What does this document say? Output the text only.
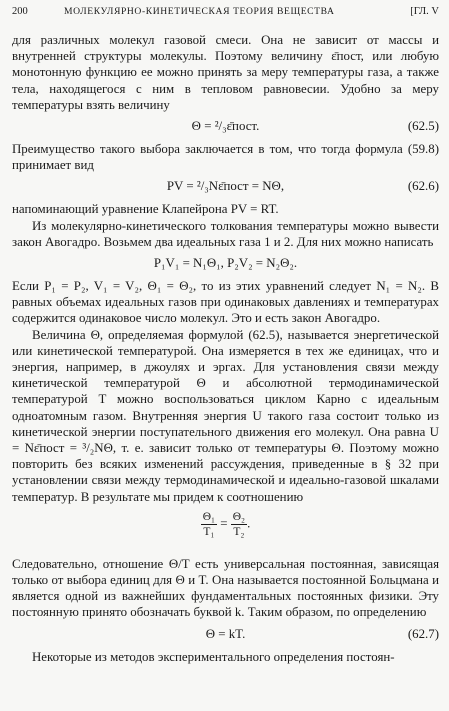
200	МОЛЕКУЛЯРНО-КИНЕТИЧЕСКАЯ ТЕОРИЯ ВЕЩЕСТВА	[ГЛ. V

для различных молекул газовой смеси. Она не зависит от массы и внутренней структуры молекулы. Поэтому величину ε̄пост, или любую монотонную функцию ее можно принять за меру температуры газа, а также тела, находящегося с ним в тепловом равновесии. Удобно за меру температуры взять величину

Θ = ²/₃ε̄пост.	(62.5)

Преимущество такого выбора заключается в том, что тогда формула (59.8) принимает вид

PV = ²/₃Nε̄пост = NΘ,	(62.6)

напоминающий уравнение Клапейрона PV = RT.

Из молекулярно-кинетического толкования температуры можно вывести закон Авогадро. Возьмем два идеальных газа 1 и 2. Для них можно написать

P₁V₁ = N₁Θ₁, P₂V₂ = N₂Θ₂.

Если P₁ = P₂, V₁ = V₂, Θ₁ = Θ₂, то из этих уравнений следует N₁ = N₂. В равных объемах идеальных газов при одинаковых давлениях и температурах содержится одинаковое число молекул. Это и есть закон Авогадро.

Величина Θ, определяемая формулой (62.5), называется энергетической или кинетической температурой. Она измеряется в тех же единицах, что и энергия, например, в джоулях и эргах. Для установления связи между кинетической температурой Θ и абсолютной термодинамической температурой T можно воспользоваться циклом Карно с идеальным одноатомным газом. Внутренняя энергия U такого газа состоит только из кинетической энергии поступательного движения его молекул. Она равна U = Nε̄пост = ³/₂NΘ, т. е. зависит только от температуры Θ. Поэтому можно повторить без всяких изменений рассуждения, приведенные в § 32 при установлении связи между термодинамической и идеально-газовой шкалами температур. В результате мы придем к соотношению

$\frac{\text{Θ₁}}{\text{T₁}} = \frac{\text{Θ₂}}{\text{T₂}}$ .

Следовательно, отношение Θ/T есть универсальная постоянная, зависящая только от выбора единиц для Θ и T. Она называется постоянной Больцмана и является одной из важнейших фундаментальных постоянных физики. Эту постоянную принято обозначать буквой k. Таким образом, по определению

Θ = kT.	(62.7)

Некоторые из методов экспериментального определения постоян-
